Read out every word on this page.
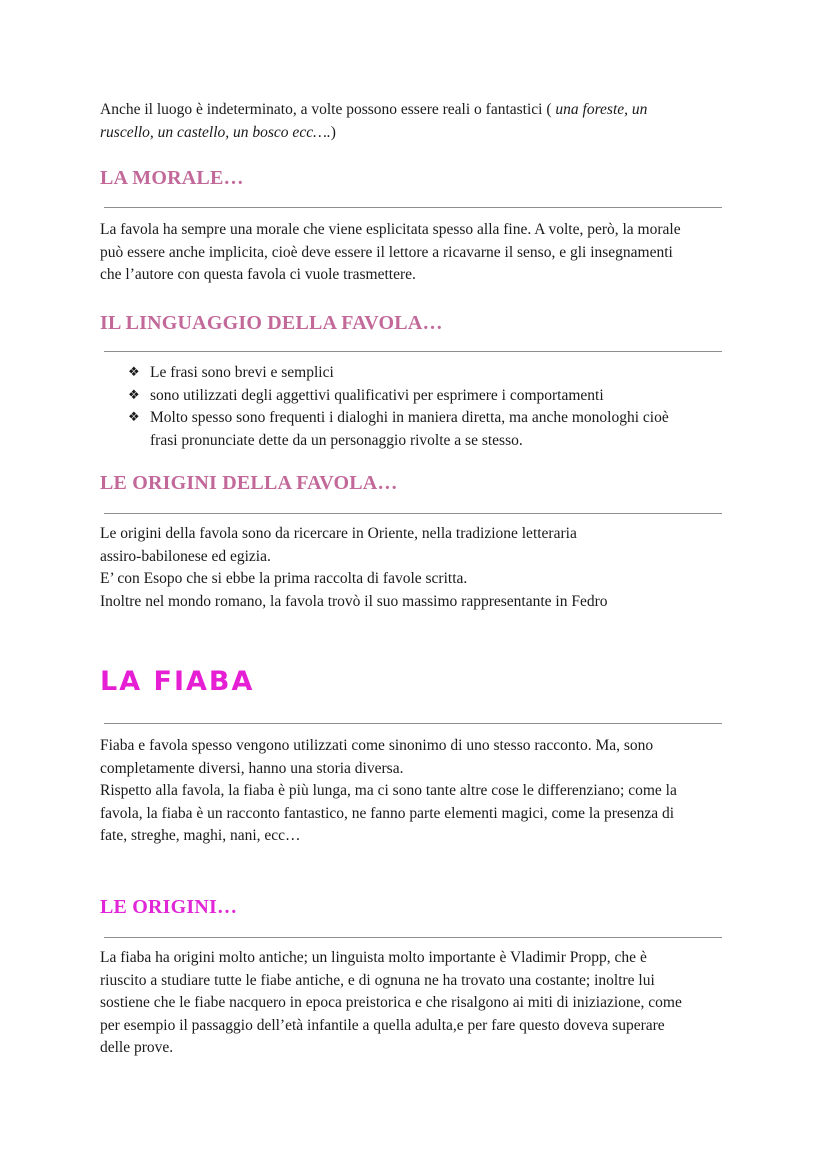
Anche il luogo è indeterminato, a volte possono essere reali o fantastici ( una foreste, un
ruscello, un castello, un bosco ecc….)

LA MORALE…

La favola ha sempre una morale che viene esplicitata spesso alla fine. A volte, però, la morale
può essere anche implicita, cioè deve essere il lettore a ricavarne il senso, e gli insegnamenti
che l’autore con questa favola ci vuole trasmettere.

IL LINGUAGGIO DELLA FAVOLA…
❖ Le frasi sono brevi e semplici
❖ sono utilizzati degli aggettivi qualificativi per esprimere i comportamenti
❖ Molto spesso sono frequenti i dialoghi in maniera diretta, ma anche monologhi cioè
frasi pronunciate dette da un personaggio rivolte a se stesso.
LE ORIGINI DELLA FAVOLA…

Le origini della favola sono da ricercare in Oriente, nella tradizione letteraria
assiro-babilonese ed egizia.
E’ con Esopo che si ebbe la prima raccolta di favole scritta.
Inoltre nel mondo romano, la favola trovò il suo massimo rappresentante in Fedro

LA FIABA

Fiaba e favola spesso vengono utilizzati come sinonimo di uno stesso racconto. Ma, sono
completamente diversi, hanno una storia diversa.
Rispetto alla favola, la fiaba è più lunga, ma ci sono tante altre cose le differenziano; come la
favola, la fiaba è un racconto fantastico, ne fanno parte elementi magici, come la presenza di
fate, streghe, maghi, nani, ecc…

LE ORIGINI…

La fiaba ha origini molto antiche; un linguista molto importante è Vladimir Propp, che è
riuscito a studiare tutte le fiabe antiche, e di ognuna ne ha trovato una costante; inoltre lui
sostiene che le fiabe nacquero in epoca preistorica e che risalgono ai miti di iniziazione, come
per esempio il passaggio dell’età infantile a quella adulta,e per fare questo doveva superare
delle prove.
